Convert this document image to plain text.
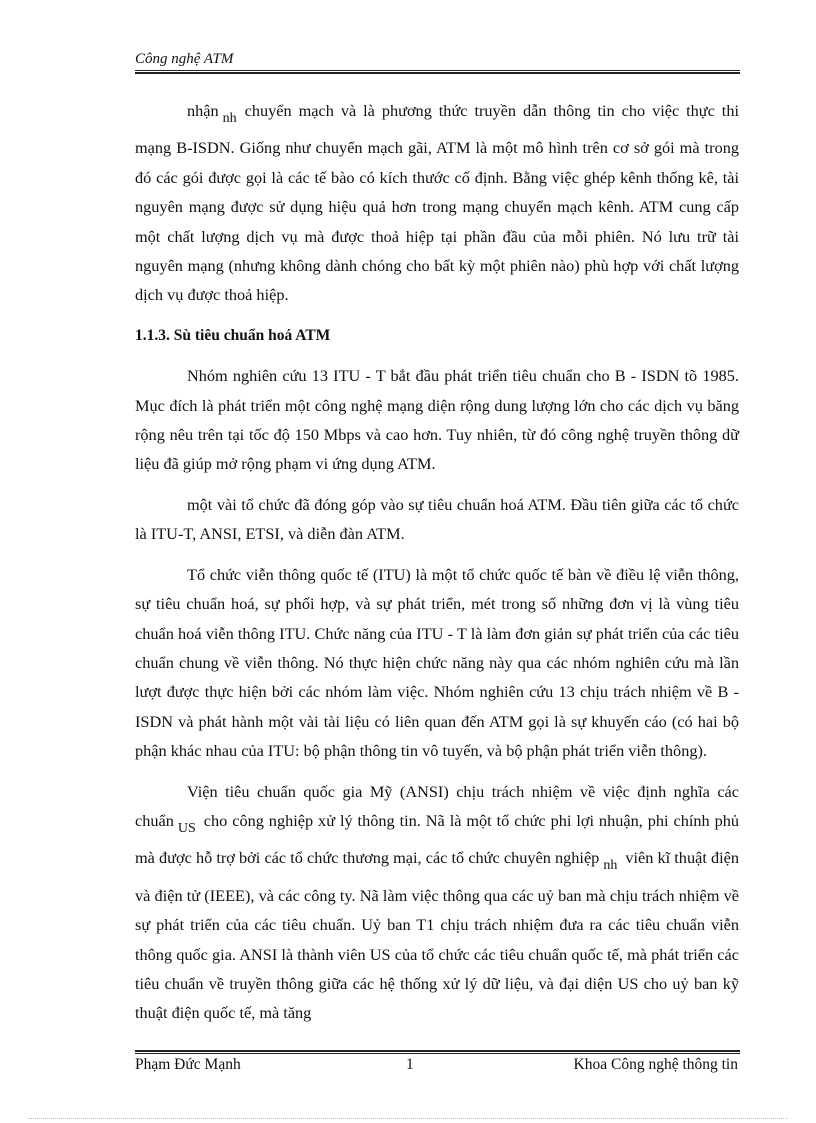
Công nghệ ATM

nhận nh chuyển mạch và là phương thức truyền dẫn thông tin cho việc thực thi mạng B-ISDN. Giống như chuyển mạch gãi, ATM là một mô hình trên cơ sở gói mà trong đó các gói được gọi là các tế bào có kích thước cố định. Bằng việc ghép kênh thống kê, tài nguyên mạng được sử dụng hiệu quả hơn trong mạng chuyển mạch kênh. ATM cung cấp một chất lượng dịch vụ mà được thoả hiệp tại phần đầu của mỗi phiên. Nó lưu trữ tài nguyên mạng (nhưng không dành chóng cho bất kỳ một phiên nào) phù hợp với chất lượng dịch vụ được thoả hiệp.

1.1.3. Sù tiêu chuẩn hoá ATM

Nhóm nghiên cứu 13 ITU - T bắt đầu phát triển tiêu chuẩn cho B - ISDN tõ 1985. Mục đích là phát triển một công nghệ mạng diện rộng dung lượng lớn cho các dịch vụ băng rộng nêu trên tại tốc độ 150 Mbps và cao hơn. Tuy nhiên, từ đó công nghệ truyền thông dữ liệu đã giúp mở rộng phạm vi ứng dụng ATM.

một vài tổ chức đã đóng góp vào sự tiêu chuẩn hoá ATM. Đầu tiên giữa các tổ chức là ITU-T, ANSI, ETSI, và diễn đàn ATM.

Tổ chức viễn thông quốc tế (ITU) là một tổ chức quốc tế bàn về điều lệ viễn thông, sự tiêu chuẩn hoá, sự phối hợp, và sự phát triển, mét trong số những đơn vị là vùng tiêu chuẩn hoá viễn thông ITU. Chức năng của ITU - T là làm đơn giản sự phát triển của các tiêu chuẩn chung về viễn thông. Nó thực hiện chức năng này qua các nhóm nghiên cứu mà lần lượt được thực hiện bởi các nhóm làm việc. Nhóm nghiên cứu 13 chịu trách nhiệm về B - ISDN và phát hành một vài tài liệu có liên quan đến ATM gọi là sự khuyến cáo (có hai bộ phận khác nhau của ITU: bộ phận thông tin vô tuyến, và bộ phận phát triển viễn thông).

Viện tiêu chuẩn quốc gia Mỹ (ANSI) chịu trách nhiệm về việc định nghĩa các chuẩn US cho công nghiệp xử lý thông tin. Nã là một tổ chức phi lợi nhuận, phi chính phủ mà được hỗ trợ bởi các tổ chức thương mại, các tổ chức chuyên nghiệp nh viên kĩ thuật điện và điện tử (IEEE), và các công ty. Nã làm việc thông qua các uỷ ban mà chịu trách nhiệm về sự phát triển của các tiêu chuẩn. Uỷ ban T1 chịu trách nhiệm đưa ra các tiêu chuẩn viễn thông quốc gia. ANSI là thành viên US của tổ chức các tiêu chuẩn quốc tế, mà phát triển các tiêu chuẩn về truyền thông giữa các hệ thống xử lý dữ liệu, và đại diện US cho uỷ ban kỹ thuật điện quốc tế, mà tăng

Phạm Đức Mạnh	1	Khoa Công nghệ thông tin
